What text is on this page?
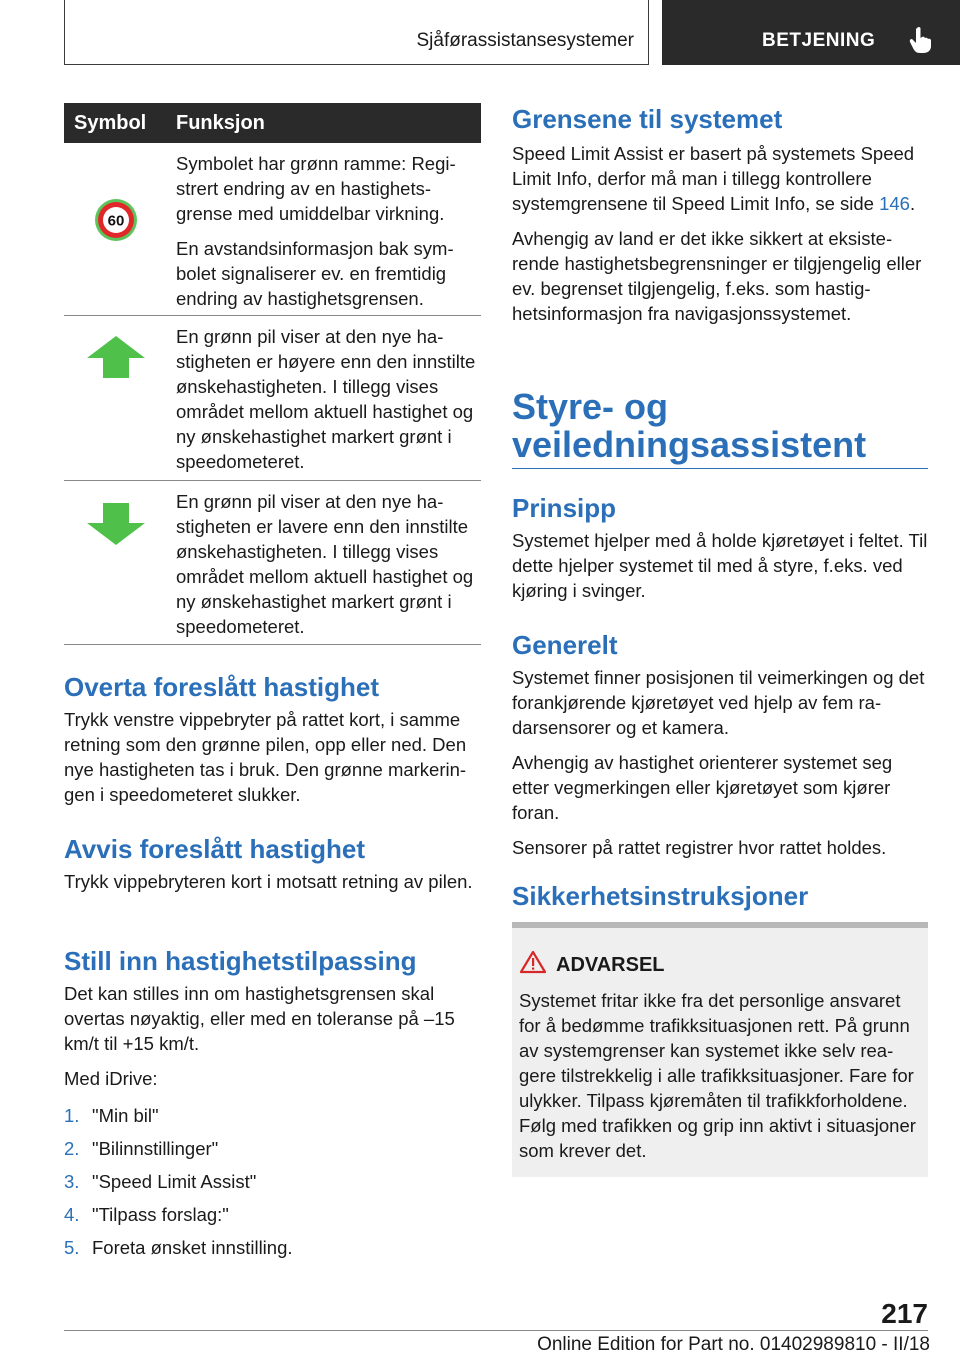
Sjåførassistansesystemer	BETJENING
Symbol Funksjon
60

Symbolet har grønn ramme: Registrert endring av en hastighetsgrense med umiddelbar virkning.

En avstandsinformasjon bak symbolet signaliserer ev. en fremtidig endring av hastighetsgrensen.

En grønn pil viser at den nye hastigheten er høyere enn den innstilte ønskehastigheten. I tillegg vises området mellom aktuell hastighet og ny ønskehastighet markert grønt i speedometeret.

En grønn pil viser at den nye hastigheten er lavere enn den innstilte ønskehastigheten. I tillegg vises området mellom aktuell hastighet og ny ønskehastighet markert grønt i speedometeret.

Overta foreslått hastighet

Trykk venstre vippebryter på rattet kort, i samme retning som den grønne pilen, opp eller ned. Den nye hastigheten tas i bruk. Den grønne markeringen i speedometeret slukker.

Avvis foreslått hastighet

Trykk vippebryteren kort i motsatt retning av pilen.

Still inn hastighetstilpassing

Det kan stilles inn om hastighetsgrensen skal overtas nøyaktig, eller med en toleranse på –15 km/t til +15 km/t.

Med iDrive:

1. "Min bil"
2. "Bilinnstillinger"
3. "Speed Limit Assist"
4. "Tilpass forslag:"
5. Foreta ønsket innstilling.
Grensene til systemet

Speed Limit Assist er basert på systemets Speed Limit Info, derfor må man i tillegg kontrollere systemgrensene til Speed Limit Info, se side 146.

Avhengig av land er det ikke sikkert at eksisterende hastighetsbegrensninger er tilgjengelig eller ev. begrenset tilgjengelig, f.eks. som hastighetsinformasjon fra navigasjonssystemet.

Styre- og
veiledningsassistent
Prinsipp

Systemet hjelper med å holde kjøretøyet i feltet. Til dette hjelper systemet til med å styre, f.eks. ved kjøring i svinger.

Generelt

Systemet finner posisjonen til veimerkingen og det forankjørende kjøretøyet ved hjelp av fem radarsensorer og et kamera.

Avhengig av hastighet orienterer systemet seg etter vegmerkingen eller kjøretøyet som kjører foran.

Sensorer på rattet registrer hvor rattet holdes.

Sikkerhetsinstruksjoner
ADVARSEL

Systemet fritar ikke fra det personlige ansvaret for å bedømme trafikksituasjonen rett. På grunn av systemgrenser kan systemet ikke selv reagere tilstrekkelig i alle trafikksituasjoner. Fare for ulykker. Tilpass kjøremåten til trafikkforholdene. Følg med trafikken og grip inn aktivt i situasjoner som krever det.

217
Online Edition for Part no. 01402989810 - II/18
